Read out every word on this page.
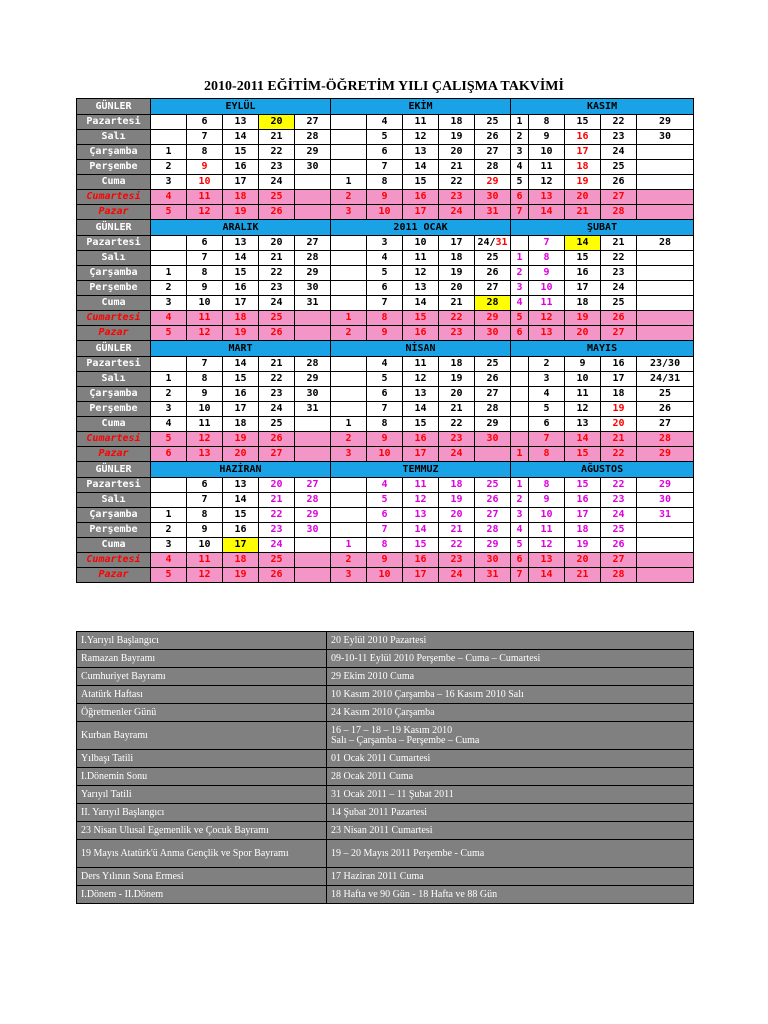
2010-2011 EĞİTİM-ÖĞRETİM YILI ÇALIŞMA TAKVİMİ
GÜNLER	EYLÜL					EKİM					KASIM				
Pazartesi		6	13	20	27		4	11	18	25	1	8	15	22	29
Salı		7	14	21	28		5	12	19	26	2	9	16	23	30
Çarşamba	1	8	15	22	29		6	13	20	27	3	10	17	24	
Perşembe	2	9	16	23	30		7	14	21	28	4	11	18	25	
Cuma	3	10	17	24		1	8	15	22	29	5	12	19	26	
Cumartesi	4	11	18	25		2	9	16	23	30	6	13	20	27	
Pazar	5	12	19	26		3	10	17	24	31	7	14	21	28	
GÜNLER	ARALIK					2011 OCAK					ŞUBAT				
Pazartesi		6	13	20	27		3	10	17	24/31		7	14	21	28
Salı		7	14	21	28		4	11	18	25	1	8	15	22	
Çarşamba	1	8	15	22	29		5	12	19	26	2	9	16	23	
Perşembe	2	9	16	23	30		6	13	20	27	3	10	17	24	
Cuma	3	10	17	24	31		7	14	21	28	4	11	18	25	
Cumartesi	4	11	18	25		1	8	15	22	29	5	12	19	26	
Pazar	5	12	19	26		2	9	16	23	30	6	13	20	27	
GÜNLER	MART					NİSAN					MAYIS				
Pazartesi		7	14	21	28		4	11	18	25		2	9	16	23/30
Salı	1	8	15	22	29		5	12	19	26		3	10	17	24/31
Çarşamba	2	9	16	23	30		6	13	20	27		4	11	18	25
Perşembe	3	10	17	24	31		7	14	21	28		5	12	19	26
Cuma	4	11	18	25		1	8	15	22	29		6	13	20	27
Cumartesi	5	12	19	26		2	9	16	23	30		7	14	21	28
Pazar	6	13	20	27		3	10	17	24		1	8	15	22	29
GÜNLER	HAZİRAN					TEMMUZ					AĞUSTOS				
Pazartesi		6	13	20	27		4	11	18	25	1	8	15	22	29
Salı		7	14	21	28		5	12	19	26	2	9	16	23	30
Çarşamba	1	8	15	22	29		6	13	20	27	3	10	17	24	31
Perşembe	2	9	16	23	30		7	14	21	28	4	11	18	25	
Cuma	3	10	17	24		1	8	15	22	29	5	12	19	26	
Cumartesi	4	11	18	25		2	9	16	23	30	6	13	20	27	
Pazar	5	12	19	26		3	10	17	24	31	7	14	21	28	
I.Yarıyıl Başlangıcı	20 Eylül 2010 Pazartesi
Ramazan Bayramı	09-10-11 Eylül 2010 Perşembe – Cuma – Cumartesi
Cumhuriyet Bayramı	29 Ekim 2010 Cuma
Atatürk Haftası	10 Kasım 2010 Çarşamba – 16 Kasım 2010 Salı
Öğretmenler Günü	24 Kasım 2010 Çarşamba
Kurban Bayramı	16 – 17 – 18 – 19 Kasım 2010
Salı – Çarşamba – Perşembe – Cuma
Yılbaşı Tatili	01 Ocak 2011 Cumartesi
I.Dönemin Sonu	28 Ocak 2011 Cuma
Yarıyıl Tatili	31 Ocak 2011 – 11 Şubat 2011
II. Yarıyıl Başlangıcı	14 Şubat 2011 Pazartesi
23 Nisan Ulusal Egemenlik ve Çocuk Bayramı	23 Nisan 2011 Cumartesi
19 Mayıs Atatürk'ü Anma Gençlik ve Spor Bayramı	19 – 20 Mayıs 2011 Perşembe - Cuma
Ders Yılının Sona Ermesi	17 Haziran 2011 Cuma
I.Dönem - II.Dönem	18 Hafta ve 90 Gün - 18 Hafta ve 88 Gün
